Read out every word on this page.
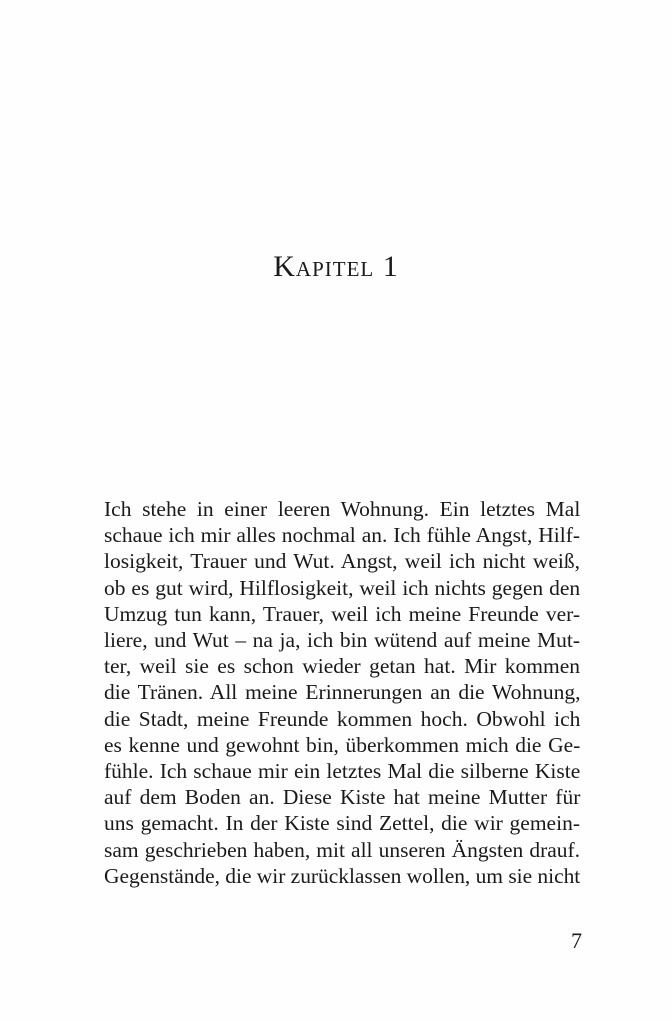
Kapitel 1
Ich stehe in einer leeren Wohnung. Ein letztes Mal
schaue ich mir alles nochmal an. Ich fühle Angst, Hilf-
losigkeit, Trauer und Wut. Angst, weil ich nicht weiß,
ob es gut wird, Hilflosigkeit, weil ich nichts gegen den
Umzug tun kann, Trauer, weil ich meine Freunde ver-
liere, und Wut – na ja, ich bin wütend auf meine Mut-
ter, weil sie es schon wieder getan hat. Mir kommen
die Tränen. All meine Erinnerungen an die Wohnung,
die Stadt, meine Freunde kommen hoch. Obwohl ich
es kenne und gewohnt bin, überkommen mich die Ge-
fühle. Ich schaue mir ein letztes Mal die silberne Kiste
auf dem Boden an. Diese Kiste hat meine Mutter für
uns gemacht. In der Kiste sind Zettel, die wir gemein-
sam geschrieben haben, mit all unseren Ängsten drauf.
Gegenstände, die wir zurücklassen wollen, um sie nicht
7
